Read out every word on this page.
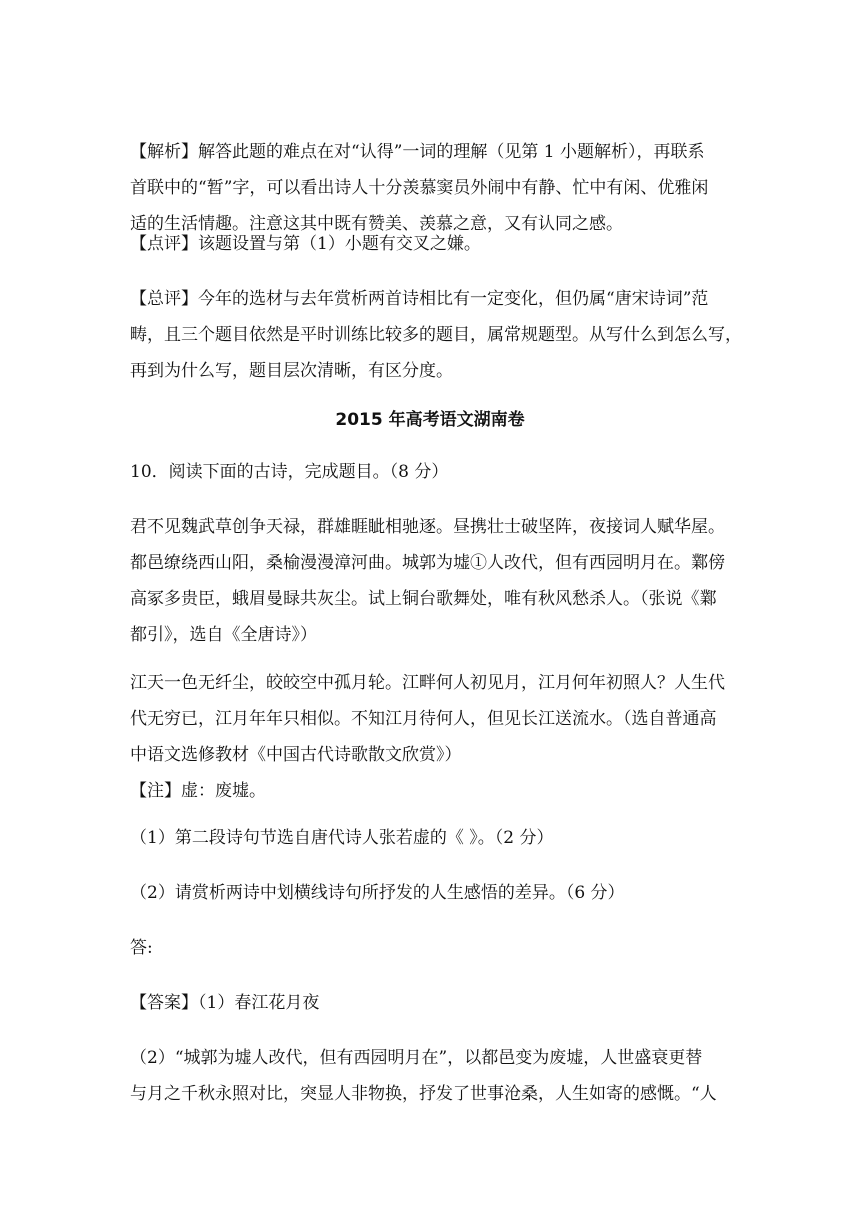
【解析】解答此题的难点在对“认得”一词的理解（见第 1 小题解析），再联系
首联中的“暂”字，可以看出诗人十分羡慕窦员外闹中有静、忙中有闲、优雅闲
适的生活情趣。注意这其中既有赞美、羡慕之意，又有认同之感。
【点评】该题设置与第（1）小题有交叉之嫌。
【总评】今年的选材与去年赏析两首诗相比有一定变化，但仍属“唐宋诗词”范
畴，且三个题目依然是平时训练比较多的题目，属常规题型。从写什么到怎么写，
再到为什么写，题目层次清晰，有区分度。
2015 年高考语文湖南卷
10．阅读下面的古诗，完成题目。（8 分）
君不见魏武草创争天禄，群雄睚眦相驰逐。昼携壮士破坚阵，夜接词人赋华屋。
都邑缭绕西山阳，桑榆漫漫漳河曲。城郭为墟①人改代，但有西园明月在。鄴傍
高冢多贵臣，蛾眉曼睩共灰尘。试上铜台歌舞处，唯有秋风愁杀人。（张说《鄴
都引》，选自《全唐诗》）
江天一色无纤尘，皎皎空中孤月轮。江畔何人初见月，江月何年初照人？人生代
代无穷已，江月年年只相似。不知江月待何人，但见长江送流水。（选自普通高
中语文选修教材《中国古代诗歌散文欣赏》）
【注】虚：废墟。
（1）第二段诗句节选自唐代诗人张若虚的《 》。（2 分）
（2）请赏析两诗中划横线诗句所抒发的人生感悟的差异。（6 分）
答:
【答案】（1）春江花月夜
（2）“城郭为墟人改代，但有西园明月在”，以都邑变为废墟，人世盛衰更替
与月之千秋永照对比，突显人非物换，抒发了世事沧桑，人生如寄的感慨。“人
